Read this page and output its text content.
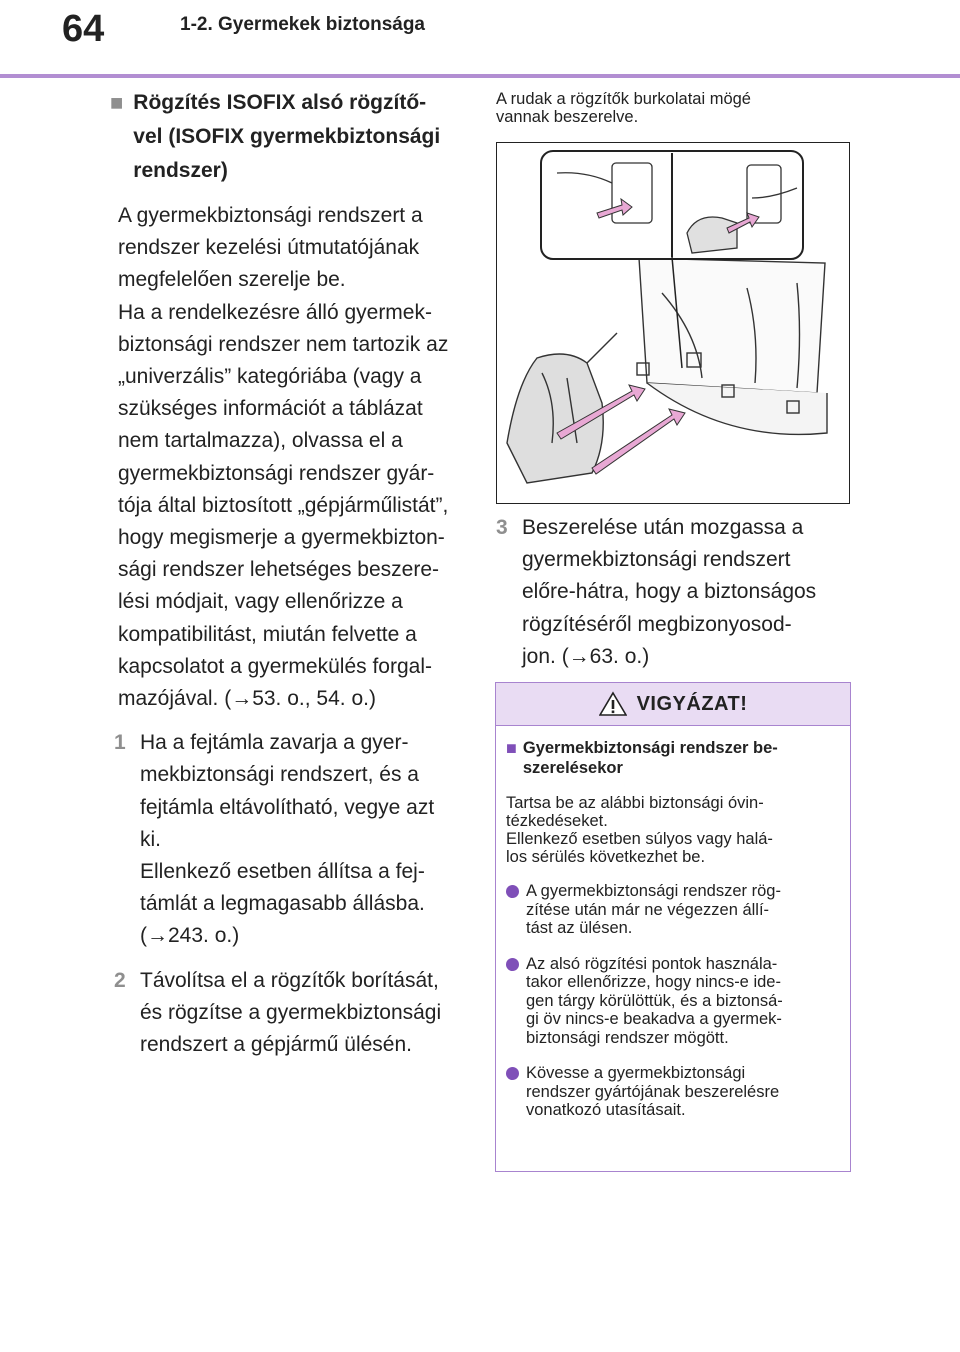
64	1-2. Gyermekek biztonsága
■ Rögzítés ISOFIX alsó rögzítő-
vel (ISOFIX gyermekbiztonsági
rendszer)
A gyermekbiztonsági rendszert a
rendszer kezelési útmutatójának
megfelelően szerelje be.
Ha a rendelkezésre álló gyermek-
biztonsági rendszer nem tartozik az
„univerzális” kategóriába (vagy a
szükséges információt a táblázat
nem tartalmazza), olvassa el a
gyermekbiztonsági rendszer gyár-
tója által biztosított „gépjárműlistát”,
hogy megismerje a gyermekbizton-
sági rendszer lehetséges beszere-
lési módjait, vagy ellenőrizze a
kompatibilitást, miután felvette a
kapcsolatot a gyermekülés forgal-
mazójával. (→53. o., 54. o.)
1 Ha a fejtámla zavarja a gyer-
mekbiztonsági rendszert, és a
fejtámla eltávolítható, vegye azt
ki.
Ellenkező esetben állítsa a fej-
támlát a legmagasabb állásba.
(→243. o.)
2 Távolítsa el a rögzítők borítását,
és rögzítse a gyermekbiztonsági
rendszert a gépjármű ülésén.
A rudak a rögzítők burkolatai mögé
vannak beszerelve.
3 Beszerelése után mozgassa a
gyermekbiztonsági rendszert
előre-hátra, hogy a biztonságos
rögzítéséről megbizonyosod-
jon. (→63. o.)
VIGYÁZAT!
■ Gyermekbiztonsági rendszer be-
szerelésekor
Tartsa be az alábbi biztonsági óvin-
tézkedéseket.
Ellenkező esetben súlyos vagy halá-
los sérülés következhet be.
A gyermekbiztonsági rendszer rög-
zítése után már ne végezzen állí-
tást az ülésen.
Az alsó rögzítési pontok használa-
takor ellenőrizze, hogy nincs-e ide-
gen tárgy körülöttük, és a biztonsá-
gi öv nincs-e beakadva a gyermek-
biztonsági rendszer mögött.
Kövesse a gyermekbiztonsági
rendszer gyártójának beszerelésre
vonatkozó utasításait.
